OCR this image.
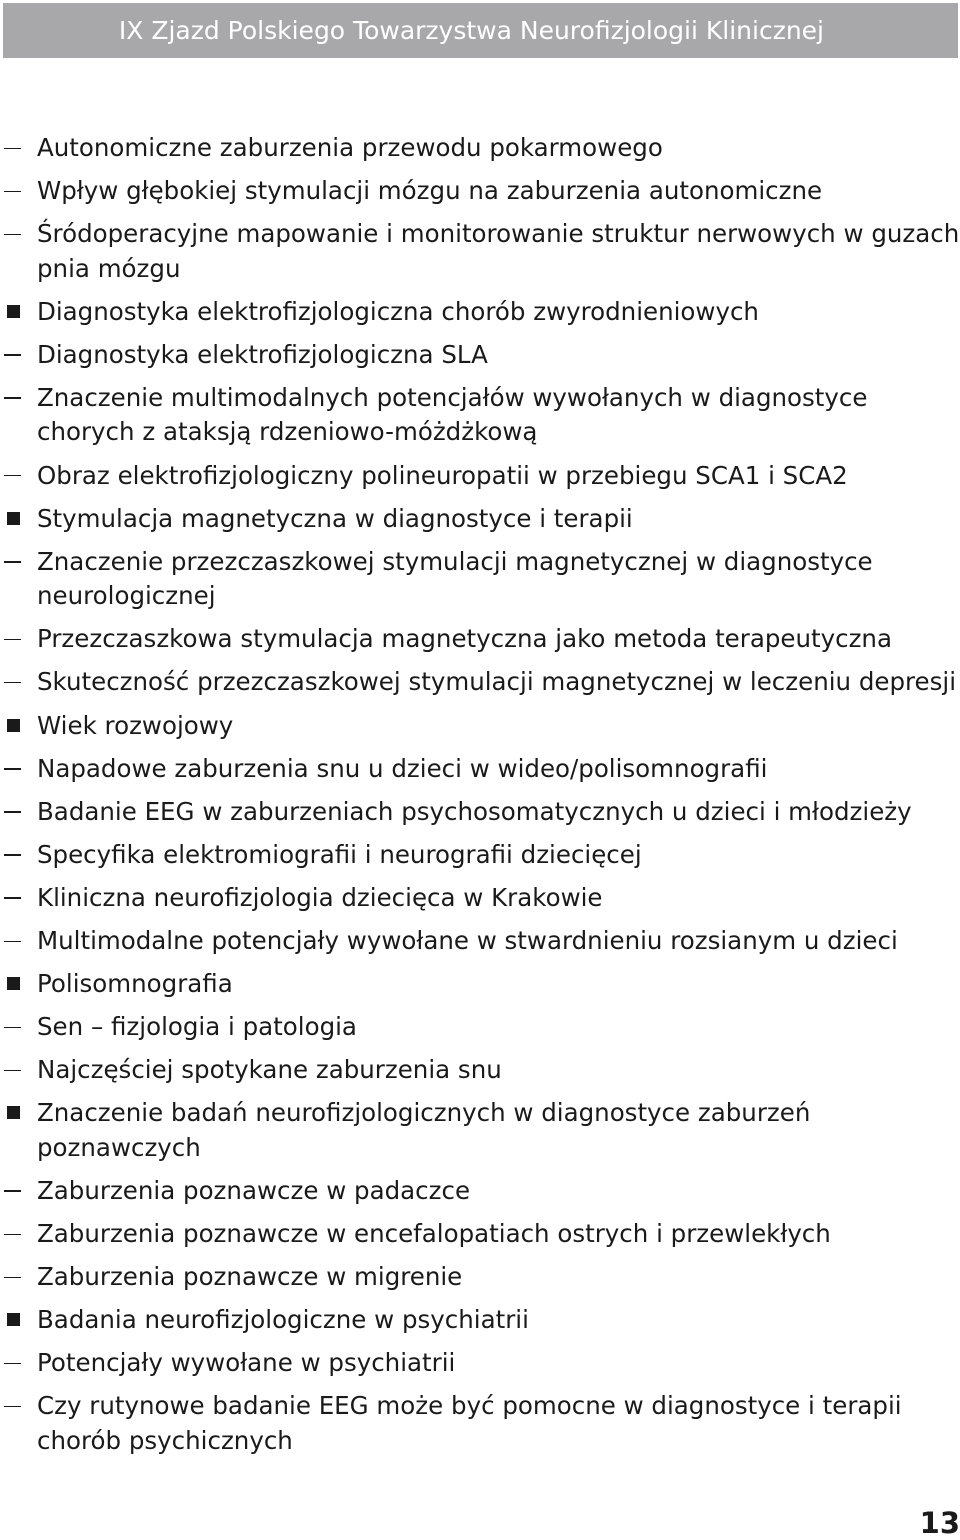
IX Zjazd Polskiego Towarzystwa Neurofizjologii Klinicznej
Autonomiczne zaburzenia przewodu pokarmowego
Wpływ głębokiej stymulacji mózgu na zaburzenia autonomiczne
Śródoperacyjne mapowanie i monitorowanie struktur nerwowych w guzach pnia mózgu
Diagnostyka elektrofizjologiczna chorób zwyrodnieniowych
Diagnostyka elektrofizjologiczna SLA
Znaczenie multimodalnych potencjałów wywołanych w diagnostyce chorych z ataksją rdzeniowo-móżdżkową
Obraz elektrofizjologiczny polineuropatii w przebiegu SCA1 i SCA2
Stymulacja magnetyczna w diagnostyce i terapii
Znaczenie przezczaszkowej stymulacji magnetycznej w diagnostyce neurologicznej
Przezczaszkowa stymulacja magnetyczna jako metoda terapeutyczna
Skuteczność przezczaszkowej stymulacji magnetycznej w leczeniu depresji
Wiek rozwojowy
Napadowe zaburzenia snu u dzieci w wideo/polisomnografii
Badanie EEG w zaburzeniach psychosomatycznych u dzieci i młodzieży
Specyfika elektromiografii i neurografii dziecięcej
Kliniczna neurofizjologia dziecięca w Krakowie
Multimodalne potencjały wywołane w stwardnieniu rozsianym u dzieci
Polisomnografia
Sen – fizjologia i patologia
Najczęściej spotykane zaburzenia snu
Znaczenie badań neurofizjologicznych w diagnostyce zaburzeń poznawczych
Zaburzenia poznawcze w padaczce
Zaburzenia poznawcze w encefalopatiach ostrych i przewlekłych
Zaburzenia poznawcze w migrenie
Badania neurofizjologiczne w psychiatrii
Potencjały wywołane w psychiatrii
Czy rutynowe badanie EEG może być pomocne w diagnostyce i terapii chorób psychicznych
13
